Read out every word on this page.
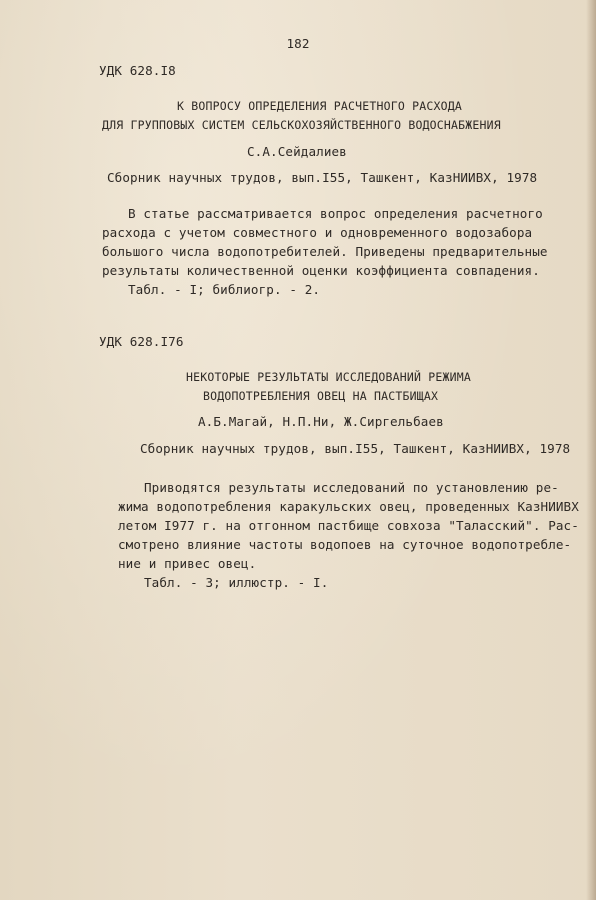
182

УДК 628.I8

К ВОПРОСУ ОПРЕДЕЛЕНИЯ РАСЧЕТНОГО РАСХОДА

ДЛЯ ГРУППОВЫХ СИСТЕМ СЕЛЬСКОХОЗЯЙСТВЕННОГО ВОДОСНАБЖЕНИЯ

С.А.Сейдалиев

Сборник научных трудов, вып.I55, Ташкент, КазНИИВХ, 1978

В статье рассматривается вопрос определения расчетного
расхода с учетом совместного и одновременного водозабора
большого числа водопотребителей. Приведены предварительные
результаты количественной оценки коэффициента совпадения.
Табл. - I; библиогр. - 2.

УДК 628.I76

НЕКОТОРЫЕ РЕЗУЛЬТАТЫ ИССЛЕДОВАНИЙ РЕЖИМА

ВОДОПОТРЕБЛЕНИЯ ОВЕЦ НА ПАСТБИЩАХ

А.Б.Магай, Н.П.Ни, Ж.Сиргельбаев

Сборник научных трудов, вып.I55, Ташкент, КазНИИВХ, 1978

Приводятся результаты исследований по установлению ре-
жима водопотребления каракульских овец, проведенных КазНИИВХ
летом I977 г. на отгонном пастбище совхоза "Таласский". Рас-
смотрено влияние частоты водопоев на суточное водопотребле-
ние и привес овец.
Табл. - 3; иллюстр. - I.
